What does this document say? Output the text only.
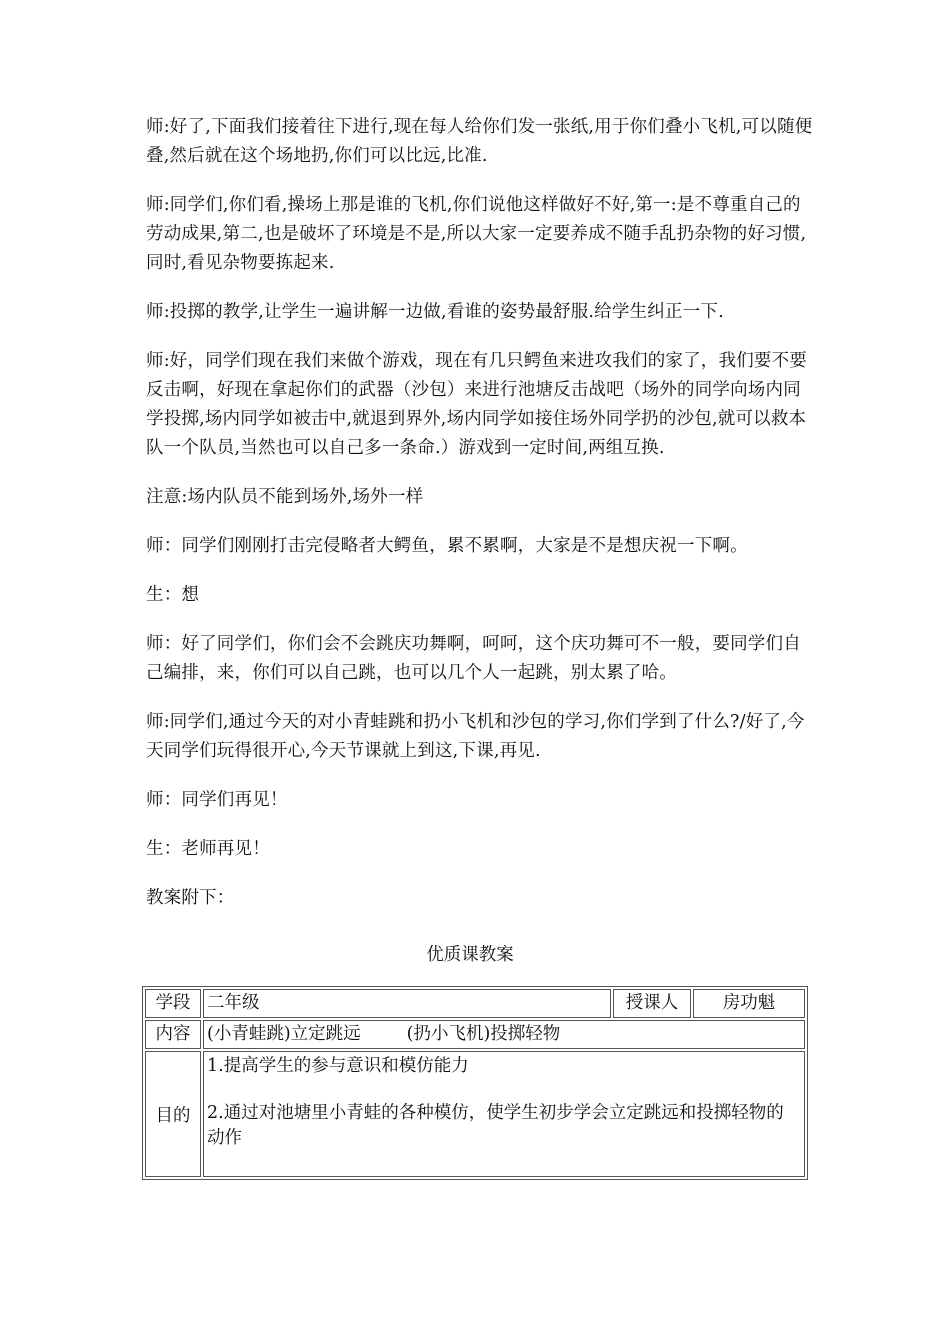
师:好了,下面我们接着往下进行,现在每人给你们发一张纸,用于你们叠小飞机,可以随便叠,然后就在这个场地扔,你们可以比远,比准.

师:同学们,你们看,操场上那是谁的飞机,你们说他这样做好不好,第一:是不尊重自己的劳动成果,第二,也是破坏了环境是不是,所以大家一定要养成不随手乱扔杂物的好习惯,同时,看见杂物要拣起来.

师:投掷的教学,让学生一遍讲解一边做,看谁的姿势最舒服.给学生纠正一下.

师:好，同学们现在我们来做个游戏，现在有几只鳄鱼来进攻我们的家了，我们要不要反击啊，好现在拿起你们的武器（沙包）来进行池塘反击战吧（场外的同学向场内同学投掷,场内同学如被击中,就退到界外,场内同学如接住场外同学扔的沙包,就可以救本队一个队员,当然也可以自己多一条命.）游戏到一定时间,两组互换.

注意:场内队员不能到场外,场外一样

师：同学们刚刚打击完侵略者大鳄鱼，累不累啊，大家是不是想庆祝一下啊。

生：想

师：好了同学们，你们会不会跳庆功舞啊，呵呵，这个庆功舞可不一般，要同学们自己编排，来，你们可以自己跳，也可以几个人一起跳，别太累了哈。

师:同学们,通过今天的对小青蛙跳和扔小飞机和沙包的学习,你们学到了什么?/好了,今天同学们玩得很开心,今天节课就上到这,下课,再见.

师：同学们再见！

生：老师再见！

教案附下：

优质课教案
学段	二年级	授课人	房功魁
内容	(小青蛙跳)立定跳远 (扔小飞机)投掷轻物		
目的	1.提高学生的参与意识和模仿能力
2.通过对池塘里小青蛙的各种模仿，使学生初步学会立定跳远和投掷轻物的动作		
